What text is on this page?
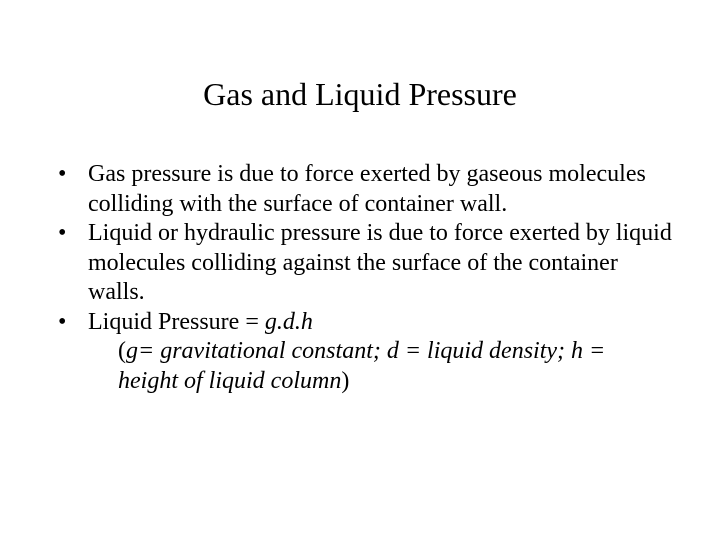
Gas and Liquid Pressure
• Gas pressure is due to force exerted by gaseous molecules colliding with the surface of container wall.
• Liquid or hydraulic pressure is due to force exerted by liquid molecules colliding against the surface of the container walls.
• Liquid Pressure = g.d.h
(g= gravitational constant; d = liquid density; h = height of liquid column)
